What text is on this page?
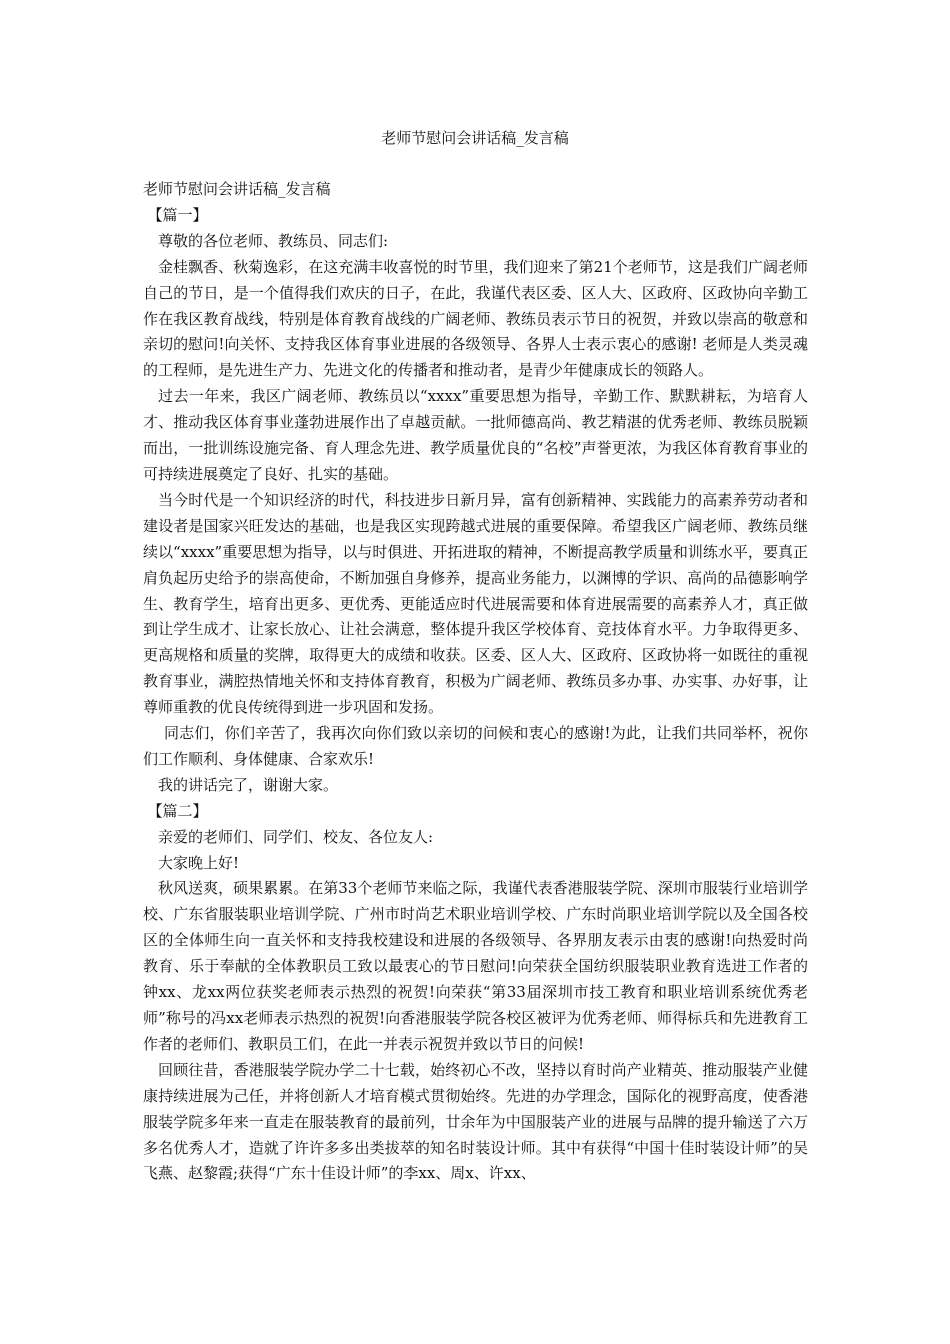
老师节慰问会讲话稿_发言稿

老师节慰问会讲话稿_发言稿

【篇一】

尊敬的各位老师、教练员、同志们:

金桂飘香、秋菊逸彩，在这充满丰收喜悦的时节里，我们迎来了第21个老师节，这是我们广阔老师自己的节日，是一个值得我们欢庆的日子，在此，我谨代表区委、区人大、区政府、区政协向辛勤工作在我区教育战线，特别是体育教育战线的广阔老师、教练员表示节日的祝贺，并致以崇高的敬意和亲切的慰问!向关怀、支持我区体育事业进展的各级领导、各界人士表示衷心的感谢! 老师是人类灵魂的工程师，是先进生产力、先进文化的传播者和推动者，是青少年健康成长的领路人。

过去一年来，我区广阔老师、教练员以“xxxx”重要思想为指导，辛勤工作、默默耕耘，为培育人才、推动我区体育事业蓬勃进展作出了卓越贡献。一批师德高尚、教艺精湛的优秀老师、教练员脱颖而出，一批训练设施完备、育人理念先进、教学质量优良的“名校”声誉更浓，为我区体育教育事业的可持续进展奠定了良好、扎实的基础。

当今时代是一个知识经济的时代，科技进步日新月异，富有创新精神、实践能力的高素养劳动者和建设者是国家兴旺发达的基础，也是我区实现跨越式进展的重要保障。希望我区广阔老师、教练员继续以“xxxx”重要思想为指导，以与时俱进、开拓进取的精神，不断提高教学质量和训练水平，要真正肩负起历史给予的崇高使命，不断加强自身修养，提高业务能力，以渊博的学识、高尚的品德影响学生、教育学生，培育出更多、更优秀、更能适应时代进展需要和体育进展需要的高素养人才，真正做到让学生成才、让家长放心、让社会满意，整体提升我区学校体育、竞技体育水平。力争取得更多、更高规格和质量的奖牌，取得更大的成绩和收获。区委、区人大、区政府、区政协将一如既往的重视教育事业，满腔热情地关怀和支持体育教育，积极为广阔老师、教练员多办事、办实事、办好事，让尊师重教的优良传统得到进一步巩固和发扬。

同志们，你们辛苦了，我再次向你们致以亲切的问候和衷心的感谢!为此，让我们共同举杯，祝你们工作顺利、身体健康、合家欢乐!

我的讲话完了，谢谢大家。

【篇二】

亲爱的老师们、同学们、校友、各位友人:

大家晚上好!

秋风送爽，硕果累累。在第33个老师节来临之际，我谨代表香港服装学院、深圳市服装行业培训学校、广东省服装职业培训学院、广州市时尚艺术职业培训学校、广东时尚职业培训学院以及全国各校区的全体师生向一直关怀和支持我校建设和进展的各级领导、各界朋友表示由衷的感谢!向热爱时尚教育、乐于奉献的全体教职员工致以最衷心的节日慰问!向荣获全国纺织服装职业教育选进工作者的钟xx、龙xx两位获奖老师表示热烈的祝贺!向荣获“第33届深圳市技工教育和职业培训系统优秀老师”称号的冯xx老师表示热烈的祝贺!向香港服装学院各校区被评为优秀老师、师得标兵和先进教育工作者的老师们、教职员工们，在此一并表示祝贺并致以节日的问候!

回顾往昔，香港服装学院办学二十七载，始终初心不改，坚持以育时尚产业精英、推动服装产业健康持续进展为己任，并将创新人才培育模式贯彻始终。先进的办学理念，国际化的视野高度，使香港服装学院多年来一直走在服装教育的最前列，廿余年为中国服装产业的进展与品牌的提升输送了六万多名优秀人才，造就了许许多多出类拔萃的知名时装设计师。其中有获得“中国十佳时装设计师”的吴飞燕、赵黎霞;获得“广东十佳设计师”的李xx、周x、许xx、
